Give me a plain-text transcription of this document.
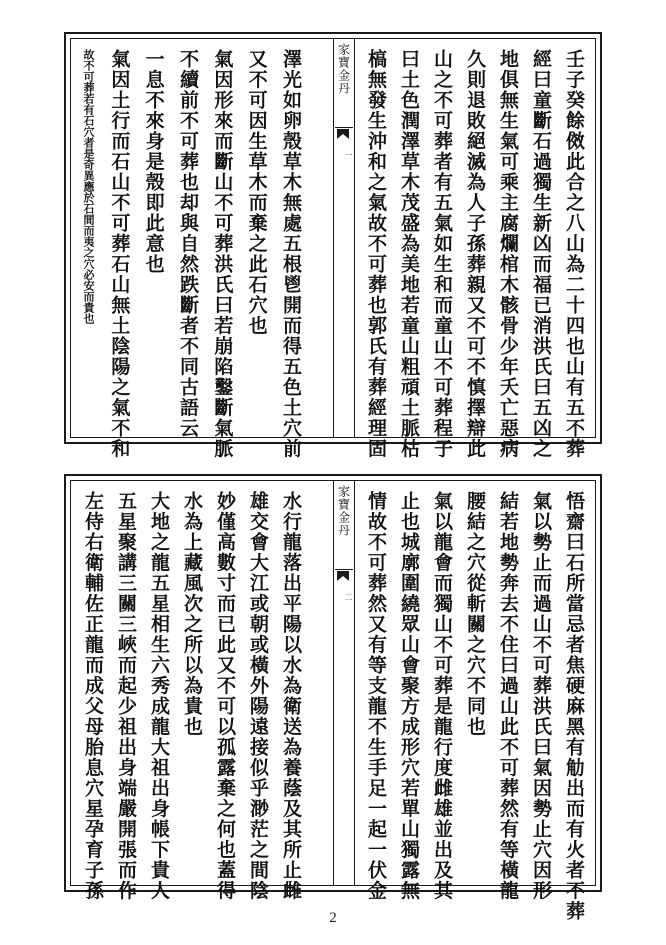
壬子癸餘傚此合之八山為二十四也山有五不葬
經曰童斷石過獨生新凶而福已消洪氏曰五凶之
地俱無生氣可乘主腐爛棺木骸骨少年夭亡惡病
久則退敗絕滅為人子孫葬親又不可不慎擇辯此
山之不可葬者有五氣如生和而童山不可葬程子
曰土色潤澤草木茂盛為美地若童山粗頑土脈枯
槁無發生沖和之氣故不可葬也郭氏有葬經理固
家寶金丹
一
澤光如卵殼草木無處五根鬯開而得五色土穴前
又不可因生草木而棄之此石穴也
氣因形來而斷山不可葬洪氏曰若崩陷鑿斷氣脈
不續前不可葬也却與自然跌斷者不同古語云
一息不來身是殼即此意也
氣因土行而石山不可葬石山無土陰陽之氣不和
故不可葬若有石穴者是奇異應於石間而夷之穴必安而貴也
悟齋曰石所當忌者焦硬麻黑有觔出而有火者不葬
氣以勢止而過山不可葬洪氏曰氣因勢止穴因形
結若地勢奔去不住曰過山此不可葬然有等橫龍
腰結之穴從斬關之穴不同也
氣以龍會而獨山不可葬是龍行度雌雄並出及其
止也城廓圍繞眾山會聚方成形穴若單山獨露無
情故不可葬然又有等支龍不生手足一起一伏金
家寶金丹
二
水行龍落出平陽以水為衛送為養蔭及其所止雌
雄交會大江或朝或橫外陽遠接似乎渺茫之間陰
妙僅高數寸而已此又不可以孤露棄之何也蓋得
水為上藏風次之所以為貴也
大地之龍五星相生六秀成龍大祖出身帳下貴人
五星聚講三關三峽而起少祖出身端嚴開張而作
左侍右衛輔佐正龍而成父母胎息穴星孕育子孫
2
